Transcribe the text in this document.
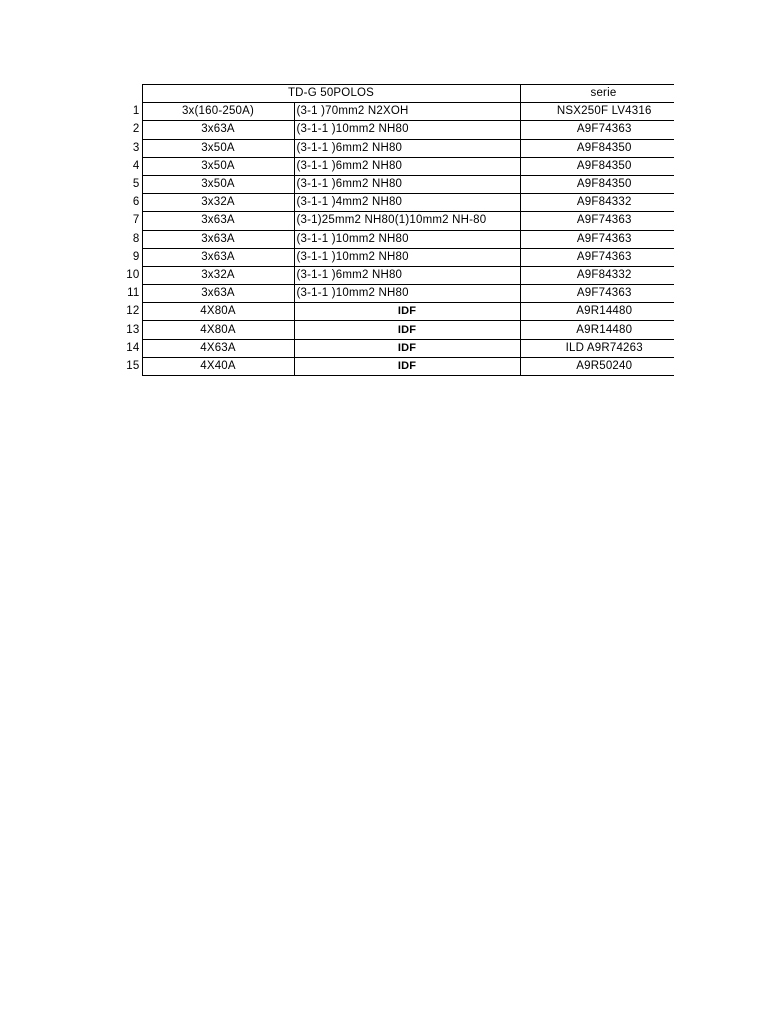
	TD-G 50POLOS		serie
1	3x(160-250A)	(3-1 )70mm2 N2XOH	NSX250F LV4316
2	3x63A	(3-1-1 )10mm2 NH80	A9F74363
3	3x50A	(3-1-1 )6mm2 NH80	A9F84350
4	3x50A	(3-1-1 )6mm2 NH80	A9F84350
5	3x50A	(3-1-1 )6mm2 NH80	A9F84350
6	3x32A	(3-1-1 )4mm2 NH80	A9F84332
7	3x63A	(3-1)25mm2 NH80(1)10mm2 NH-80	A9F74363
8	3x63A	(3-1-1 )10mm2 NH80	A9F74363
9	3x63A	(3-1-1 )10mm2 NH80	A9F74363
10	3x32A	(3-1-1 )6mm2 NH80	A9F84332
11	3x63A	(3-1-1 )10mm2 NH80	A9F74363
12	4X80A	IDF	A9R14480
13	4X80A	IDF	A9R14480
14	4X63A	IDF	ILD A9R74263
15	4X40A	IDF	A9R50240
